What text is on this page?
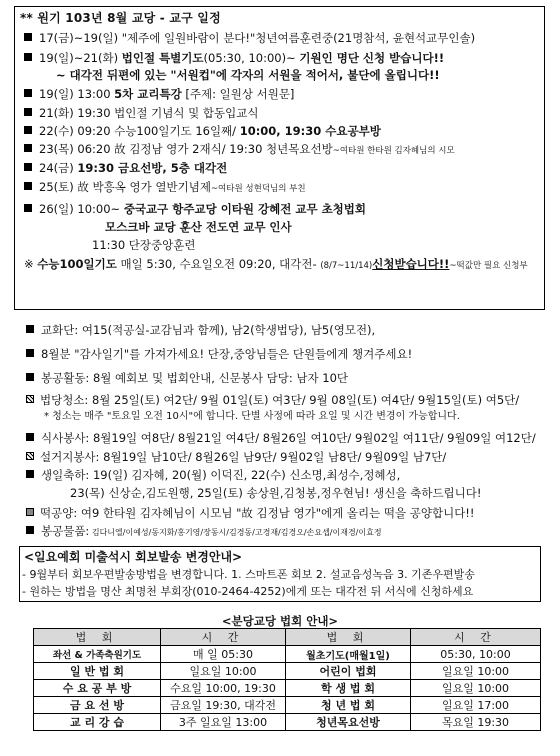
** 원기 103년 8월 교당 - 교구 일정
17(금)~19(일) "제주에 일원바람이 분다!"청년여름훈련중(21명참석, 윤현석교무인솔)
19(일)~21(화) 법인절 특별기도(05:30, 10:00)~ 기원인 명단 신청 받습니다!!
~ 대각전 뒤편에 있는 "서원컵"에 각자의 서원을 적어서, 불단에 올립니다!!
19(일) 13:00 5차 교리특강 [주제: 일원상 서원문]
21(화) 19:30 법인절 기념식 및 합동입교식
22(수) 09:20 수능100일기도 16일째/ 10:00, 19:30 수요공부방
23(목) 06:20 故 김정남 영가 2재식/ 19:30 청년목요선방~여타원 한타원 김자혜님의 시모
24(금) 19:30 금요선방, 5층 대각전
25(토) 故 박흥옥 영가 열반기념제~여타원 성현덕님의 부친
26(일) 10:00~ 중국교구 항주교당 이타원 강혜전 교무 초청법회
모스크바 교당 훈산 전도연 교무 인사
11:30 단장중앙훈련
※ 수능100일기도 매일 5:30, 수요일오전 09:20, 대각전- (8/7~11/14)신청받습니다!!~떡값만 필요 신청부
교화단: 여15(적공실-교감님과 함께), 남2(학생법당), 남5(영모전),
8월분 "감사일기"를 가져가세요! 단장,중앙님들은 단원들에게 챙겨주세요!
봉공활동: 8월 예회보 및 법회안내, 신문봉사 담당: 남자 10단
법당청소: 8월 25일(토) 여2단/ 9월 01일(토) 여3단/ 9월 08일(토) 여4단/ 9월15일(토) 여5단/
* 청소는 매주 "토요일 오전 10시"에 합니다. 단별 사정에 따라 요일 및 시간 변경이 가능합니다.
식사봉사: 8월19일 여8단/ 8월21일 여4단/ 8월26일 여10단/ 9월02일 여11단/ 9월09일 여12단/
설거지봉사: 8월19일 남10단/ 8월26일 남9단/ 9월02일 남8단/ 9월09일 남7단/
생일축하: 19(일) 김자혜, 20(월) 이덕진, 22(수) 신소명,최성수,정혜성,
23(목) 신상순,김도원행, 25일(토) 송상원,김청봉,정우현님! 생신을 축하드립니다!
떡공양: 여9 한타원 김자혜님이 시모님 "故 김정남 영가"에게 올리는 떡을 공양합니다!!
봉공물품: 김다니엘/이예성/동지화/홍기영/장동시/김경동/고경재/김경오/손요셉/이재경/이효정
<일요예회 미출석시 회보발송 변경안내>
- 9월부터 회보우편발송방법을 변경합니다. 1. 스마트폰 회보 2. 설교음성녹음 3. 기존우편발송
- 원하는 방법을 명산 최명천 부회장(010-2464-4252)에게 또는 대각전 뒤 서식에 신청하세요
<분당교당 법회 안내>
법 회	시 간	법 회	시 간
좌선 & 가족축원기도	매 일 05:30	월초기도(매월1일)	05:30, 10:00
일 반 법 회	일요일 10:00	어린이 법회	일요일 10:00
수 요 공 부 방	수요일 10:00, 19:30	학 생 법 회	일요일 10:00
금 요 선 방	금요일 19:30, 대각전	청 년 법 회	일요일 17:00
교 리 강 습	3주 일요일 13:00	청년목요선방	목요일 19:30
